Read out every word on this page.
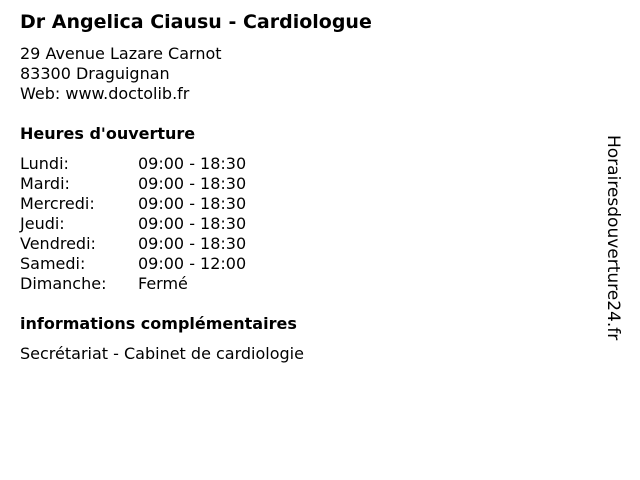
Dr Angelica Ciausu - Cardiologue
29 Avenue Lazare Carnot
83300 Draguignan
Web: www.doctolib.fr
Heures d'ouverture
Lundi:	09:00 - 18:30
Mardi:	09:00 - 18:30
Mercredi:	09:00 - 18:30
Jeudi:	09:00 - 18:30
Vendredi:	09:00 - 18:30
Samedi:	09:00 - 12:00
Dimanche:	Fermé
informations complémentaires
Secrétariat - Cabinet de cardiologie
Horairesdouverture24.fr
